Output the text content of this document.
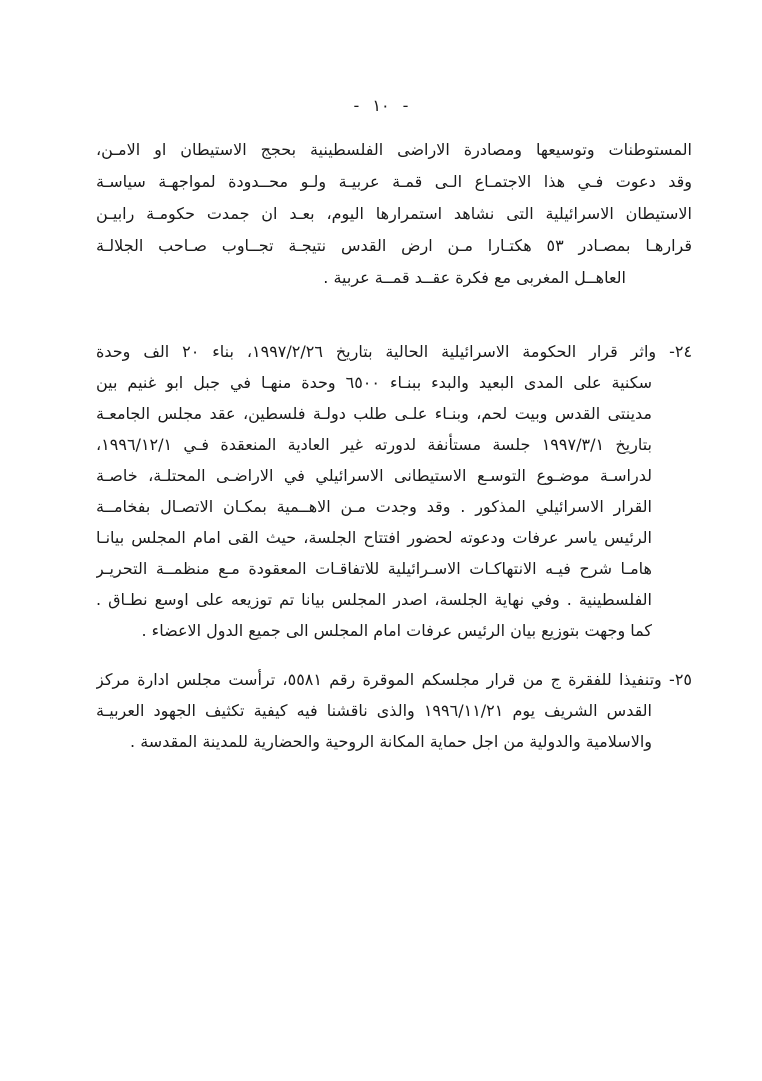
- ١٠ -
المستوطنات وتوسيعها ومصادرة الاراضى الفلسطينية بحجج الاستيطان او الامـن،
وقد دعوت فـي هذا الاجتمـاع الـى قمـة عربيـة ولـو محــدودة لمواجهـة سياسـة
الاستيطان الاسرائيلية التى نشاهد استمرارها اليوم، بعـد ان جمدت حكومـة رابيـن
قرارهـا بمصـادر ٥٣ هكتـارا مـن ارض القدس نتيجـة تجــاوب صـاحب الجلالـة
العاهــل المغربى مع فكرة عقــد قمــة عربية .
٢٤- واثر قرار الحكومة الاسرائيلية الحالية بتاريخ ١٩٩٧/٢/٢٦، بناء ٢٠ الف وحدة
سكنية على المدى البعيد والبدء ببنـاء ٦٥٠٠ وحدة منهـا في جبل ابو غنيم بين
مدينتى القدس وبيت لحم، وبنـاء علـى طلب دولـة فلسطين، عقد مجلس الجامعـة
بتاريخ ١٩٩٧/٣/١ جلسة مستأنفة لدورته غير العادية المنعقدة فـي ١٩٩٦/١٢/١،
لدراسـة موضـوع التوسـع الاستيطانى الاسرائيلي في الاراضـى المحتلـة، خاصـة
القرار الاسرائيلي المذكور . وقد وجدت مـن الاهــمية بمكـان الاتصـال بفخامــة
الرئيس ياسر عرفات ودعوته لحضور افتتاح الجلسة، حيث القى امام المجلس بيانـا
هامـا شرح فيـه الانتهاكـات الاسـرائيلية للاتفاقـات المعقودة مـع منظمــة التحريـر
الفلسطينية . وفي نهاية الجلسة، اصدر المجلس بيانا تم توزيعه على اوسع نطـاق .
كما وجهت بتوزيع بيان الرئيس عرفات امام المجلس الى جميع الدول الاعضاء .
٢٥- وتنفيذا للفقرة ج من قرار مجلسكم الموقرة رقم ٥٥٨١، ترأست مجلس ادارة مركز
القدس الشريف يوم ١٩٩٦/١١/٢١ والذى ناقشنا فيه كيفية تكثيف الجهود العربيـة
والاسلامية والدولية من اجل حماية المكانة الروحية والحضارية للمدينة المقدسة .
